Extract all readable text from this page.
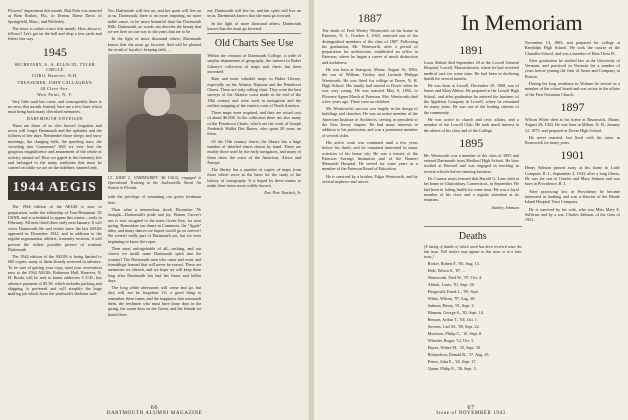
Flowers" department this month. Bud Park was married at Bear Raskin, Fla., to Doreas Diane Davis of Springfield, Mass., and Wellesley.

The news is rather scarce this month. How about it, fellows? Let's get on the ball and drop a few cards and letters this way.

1945
SECRETARY, A. A. ELLIS III, TYLER CIRCLE
CORO, Hanover, N.H.
TREASURER, JOHN CALLAGHAN
48 Cleve Ave.
West Point, N. Y.

Very little mail has come, and consequently there is no news this month. Instead, here are a few lines which must bring back many cherished memories.

DARTMOUTH UNVEILED

There are those of us who haven't forgotten and never will forget Dartmouth and the splendor and the fullness of her days. Remember those sleepy and snow mornings, the clanging bells, the speeding stars, the crowding into Commons? Will we ever lose the gorgeous magnificence and amazement of the whole of activity around us? How we gaped at the fraternity life and belonged to the many traditions that must be carried on while we are on the sidelines, banned only.

1944 AEGIS

The 1944 edition of the AEGIS is now in preparation, under the editorship of Tom Beaumont '45 USNR, and is scheduled to appear this winter—early in February. All men listed there early next January. It will cover Dartmouth life and events since the last AEGIS appeared in December 1942, and in addition to the regular organization, athletic, fraternity sections, it will present the fullest possible picture of wartime Dartmouth.

The 1944 edition of the AEGIS is being limited to 600 copies, many of them already reserved in advance. To be sure of getting your copy, send your reservation now to the 1944 AEGIS, Robinson Hall, Hanover, N. H. Books will be sent to home addresses C.O.D., but advance payment of $5.50, which includes packing and shipping, is preferred and will simplify the huge mailing job which faces the yearbook's skeleton staff.

Yes, Dartmouth will live on, and her spirit will live on in us. Dartmouth, there is no more inspiring, no more noble cause, to be more beautiful than the Dartmouth Hills. Dartmouth, no words can describe the beauty that we see here on our way to the years that are to be.

In the light of more thousand others, Dartmouth knows that she must go forward. And will be pleased the result of loyalty's keeping faith. ...

LT. JOHN L. VANDEGRIFT '46 USCG, engaged in Operational Training at the Jacksonville Naval Air Station in Florida.

with the privilege of remaining our green freshman here.

Then what a tremendous shock December 7th brought—Dartmouth's pride and joy. Warner Carver's son is now assigned to the main Green Key, for next spring. Remember our dance in Commons, the "Apple" rides, and many dances we hoped would go on forever? We weren't really part of Dartmouth yet, but we were beginning to know the ropes.

Then most unforgettable of all—rushing, and our closest we instill some Dartmouth spirit into the country? The Dartmouth men who came and went, and friendships formed that will never be erased. These are memories we cherish, and we hope we will keep them long after Dartmouth has had her finest and fullest days.

The long white afternoons will come and go, but they will not be forgotten. It's a good thing to remember these times, and the happiness that surrounds them, the freshmen who must have those days in the spring, the warm days on the Green, and the friends we found there.

me, Dartmouth will live on, and her spirit will live on in us. Dartmouth knows that she must go forward.

In the light of more thousand others, Dartmouth knows that she must go forward.

Old Charts See Use

Within the creation of Dartmouth College, a wide of surplus department of geography, the interest in Baker Library's collection of maps and charts has been increased.

Rare and most valuable maps in Baker Library, especially on the Atlantic Neptune and the Penobscot Charts. These are truly rolling chart. They were the best surveys of the Atlantic coast made at the end of the 18th century and were used in navigation and the earliest mapping of the eastern coast of North America.

These maps were acquired, and they are actual cost of about $6,000. In the collection there are also many of the Penobscot Charts, which are the work of Joseph Frederick Wallet Des Barres, who spent 20 years on them.

Of the 15th century charts, the library has a large number of detailed charts drawn by hand. These are mostly those used by the early navigators, and many of them show the coast of the Americas, Africa and Europe.

The library has a number of copies of maps from those which serve as the basis for the study of the history of cartography. It is hoped by these means to make these items more widely known.

Ens. Pete Tassitch, Jr.
66
DARTMOUTH ALUMNI MAGAZINE
1887

The death of Fred Wesley Wentworth on his home in Paterson, N. J., October 4, 1943, removed one of the distinguished members of the class of 1887. Following his graduation, Mr. Wentworth, after a period of preparation for architecture, established an office in Paterson, where he began a career of much distinction and usefulness.

He was born at Searsport, Maine, August 16, 1864, the son of William Trickey and Lucinda Philippi Wentworth. He was fitted for college at Dover, N. H. High School. His family had moved to Dover when he was very young. He was married May 9, 1892, to Florence Agnes Marsh of Paterson. Mrs. Wentworth died a few years ago. There were no children.

Mr. Wentworth's success was largely in the design of buildings and churches. He was an active member of the American Institute of Architects, serving as president of the New Jersey chapter. He had many interests in addition to his profession, and was a prominent member of several clubs.

His active work was continued until a few years before his death, and he remained interested in many activities of his home city. He was a trustee of the Paterson Savings Institution and of the Barnert Memorial Hospital. He served for some years as a member of the Paterson Board of Education.

He is survived by a brother, Edgar Wentworth, and by several nephews and nieces.

In Memoriam
1891

Louis Abbott died September 20 at the Lowell General Hospital, Lowell, Massachusetts, where he had received medical care for some time. He had been in declining health for several months.

He was born at Lowell, December 29, 1868, son of James and Mary Abbott. He prepared at the Lowell High School, and after graduation he entered the business of the Appleton Company in Lowell, where he remained for many years. He was one of the leading citizens of the community.

He was active in church and civic affairs, and a member of the Lowell Club. He took much interest in the affairs of his class and of the College.

1895

Mr. Wentworth was a member of the class of 1895 and entered Dartmouth from Medford High School. He later studied at Harvard and was engaged in teaching in several schools before entering business.

Dr. Connor mays learned that Harold G. Lane died at his home in Glastonbury, Connecticut, in September. He had been in failing health for some time. He was a loyal member of his class and a regular attendant at its reunions.

Stanley Johnson

November 14, 1863, and prepared for college at Randolph High School. He took the course of the Chandler School, and was a member of Beta Theta Pi.

After graduation he studied law at the University of Vermont, and practiced in Vermont for a number of years before joining the firm of Ames and Company in Boston.

During his long residence in Woburn he served as a member of the school board and was active in the affairs of the First Unitarian Church.

1897

Wilson White died at his home at Brunswick, Maine, August 28, 1943. He was born in Milton, N. H., January 12, 1875, and prepared at Dover High School.

He never married, but lived with his sister in Brunswick for many years.

1901

Henry Salmon passed away at his home in Little Compton, R. I., September 2, 1943, after a long illness. He was the son of Charles and Mary Salmon and was born in Providence, R. I.

After practicing law in Providence he became interested in banking and was a director of the Rhode Island Hospital Trust Company.

He is survived by his wife, who was Miss Mary E. Sullivan, and by a son, Charles Salmon, of the class of 1931.

Deaths
[A listing of deaths of which word has been received since the last issue. Full notices may appear in this issue or in a later issue.]

Ricker, Robert F., '85, Aug. 13.

Hale, Edwin S., '87, ...

Wentworth, Fred W., '87, Oct. 4.

Abbott, Louis, '91, Sept. 20.

Fitzgerald, Frank L., '95, Sept.

White, Wilson, '97, Aug. 28.

Salmon, Henry, '01, Sept. 2.

Hinman, George S., '02, Sept. 14.

Benson, Arthur T., '04, Oct. 1.

Stevens, Carl M., '09, Sept. 22.

Morrison, Philip C., '10, Sept. 8.

Wheeler, Roger, '12, Oct. 5.

Hayes, Walter M., '15, Sept. 30.

Richardson, Donald B., '17, Aug. 25.

Peters, John E., '20, Sept. 17.

Quinn, Philip E., '26, Sept. 3.

67
Issue of NOVEMBER 1943
